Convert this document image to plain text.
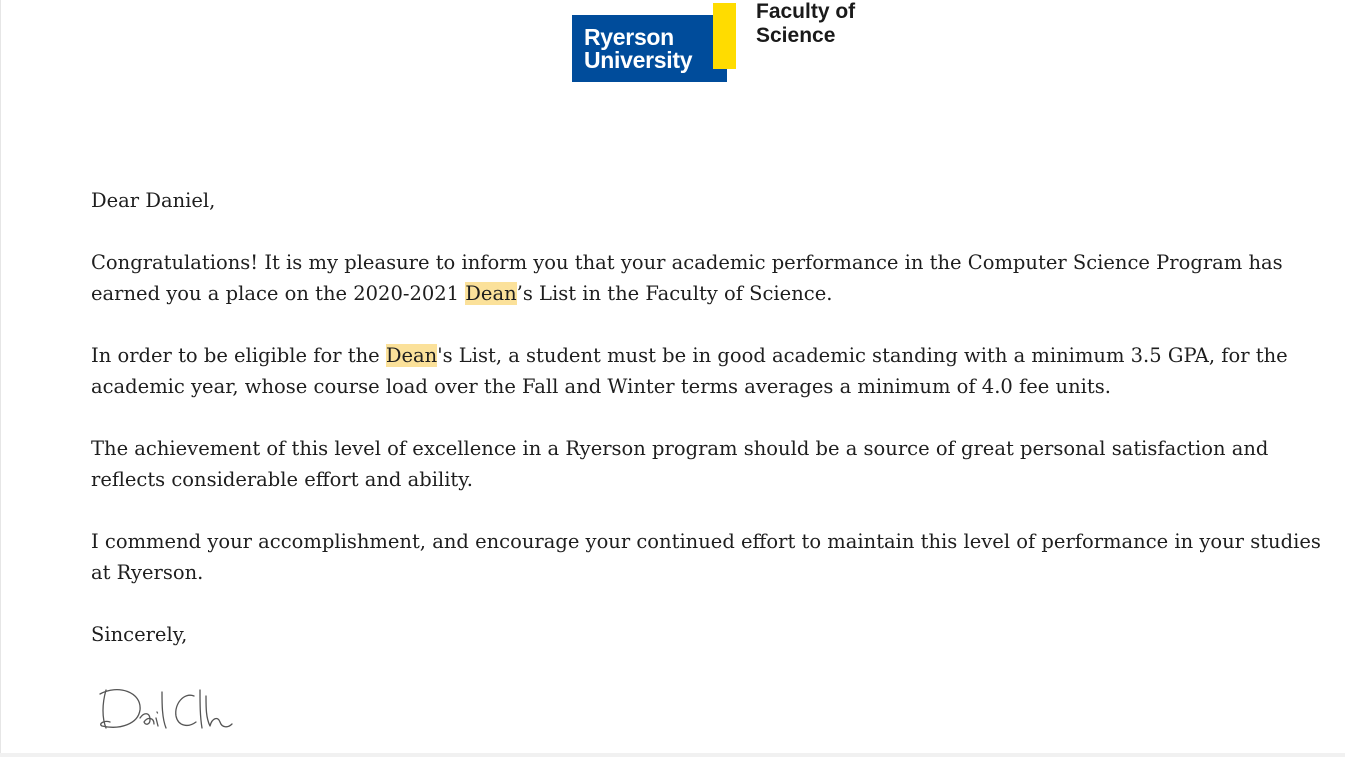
Ryerson
University
Faculty of
Science

Dear Daniel,

Congratulations! It is my pleasure to inform you that your academic performance in the Computer Science Program has earned you a place on the 2020-2021 Dean’s List in the Faculty of Science.

In order to be eligible for the Dean's List, a student must be in good academic standing with a minimum 3.5 GPA, for the academic year, whose course load over the Fall and Winter terms averages a minimum of 4.0 fee units.

The achievement of this level of excellence in a Ryerson program should be a source of great personal satisfaction and reflects considerable effort and ability.

I commend your accomplishment, and encourage your continued effort to maintain this level of performance in your studies at Ryerson.

Sincerely,
